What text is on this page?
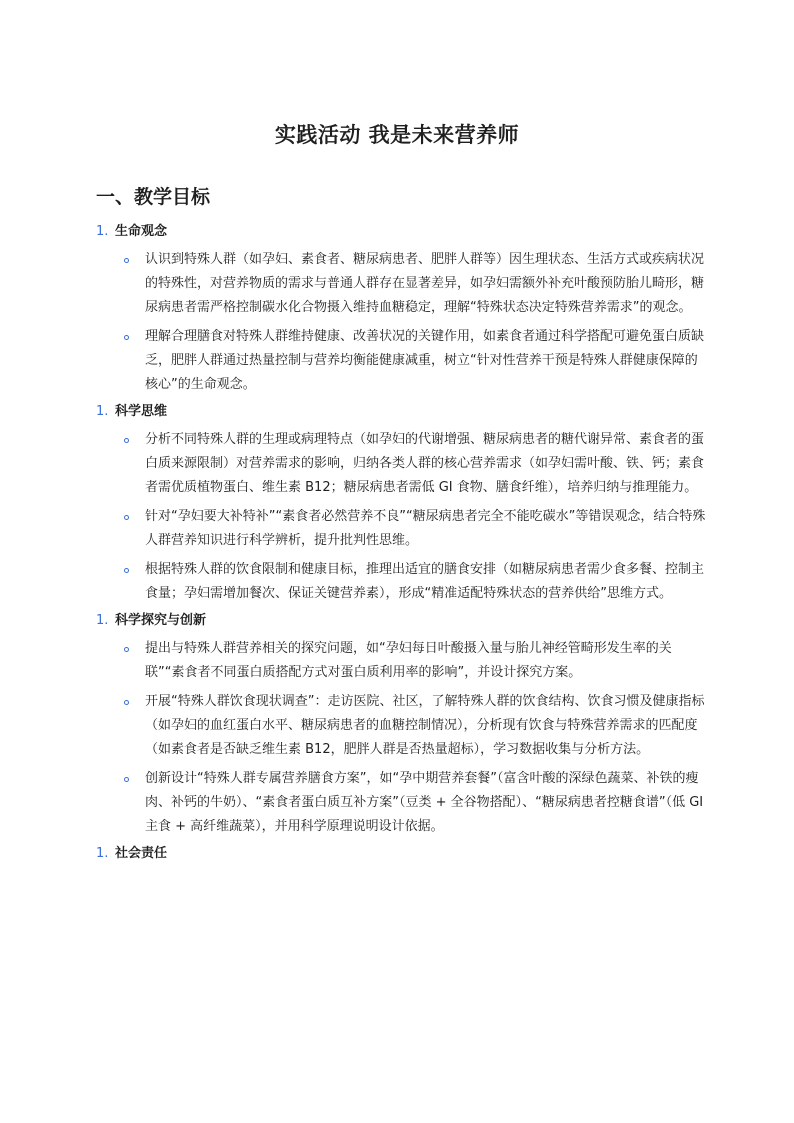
实践活动 我是未来营养师
一、教学目标
1. 生命观念
认识到特殊人群（如孕妇、素食者、糖尿病患者、肥胖人群等）因生理状态、生活方式或疾病状况的特殊性，对营养物质的需求与普通人群存在显著差异，如孕妇需额外补充叶酸预防胎儿畸形，糖尿病患者需严格控制碳水化合物摄入维持血糖稳定，理解“特殊状态决定特殊营养需求”的观念。
理解合理膳食对特殊人群维持健康、改善状况的关键作用，如素食者通过科学搭配可避免蛋白质缺乏，肥胖人群通过热量控制与营养均衡能健康减重，树立“针对性营养干预是特殊人群健康保障的核心”的生命观念。
1. 科学思维
分析不同特殊人群的生理或病理特点（如孕妇的代谢增强、糖尿病患者的糖代谢异常、素食者的蛋白质来源限制）对营养需求的影响，归纳各类人群的核心营养需求（如孕妇需叶酸、铁、钙；素食者需优质植物蛋白、维生素 B12；糖尿病患者需低 GI 食物、膳食纤维），培养归纳与推理能力。
针对“孕妇要大补特补”“素食者必然营养不良”“糖尿病患者完全不能吃碳水”等错误观念，结合特殊人群营养知识进行科学辨析，提升批判性思维。
根据特殊人群的饮食限制和健康目标，推理出适宜的膳食安排（如糖尿病患者需少食多餐、控制主食量；孕妇需增加餐次、保证关键营养素），形成“精准适配特殊状态的营养供给”思维方式。
1. 科学探究与创新
提出与特殊人群营养相关的探究问题，如“孕妇每日叶酸摄入量与胎儿神经管畸形发生率的关联”“素食者不同蛋白质搭配方式对蛋白质利用率的影响”，并设计探究方案。
开展“特殊人群饮食现状调查”：走访医院、社区，了解特殊人群的饮食结构、饮食习惯及健康指标（如孕妇的血红蛋白水平、糖尿病患者的血糖控制情况），分析现有饮食与特殊营养需求的匹配度（如素食者是否缺乏维生素 B12，肥胖人群是否热量超标），学习数据收集与分析方法。
创新设计“特殊人群专属营养膳食方案”，如“孕中期营养套餐”（富含叶酸的深绿色蔬菜、补铁的瘦肉、补钙的牛奶）、“素食者蛋白质互补方案”（豆类 + 全谷物搭配）、“糖尿病患者控糖食谱”（低 GI 主食 + 高纤维蔬菜），并用科学原理说明设计依据。
1. 社会责任
